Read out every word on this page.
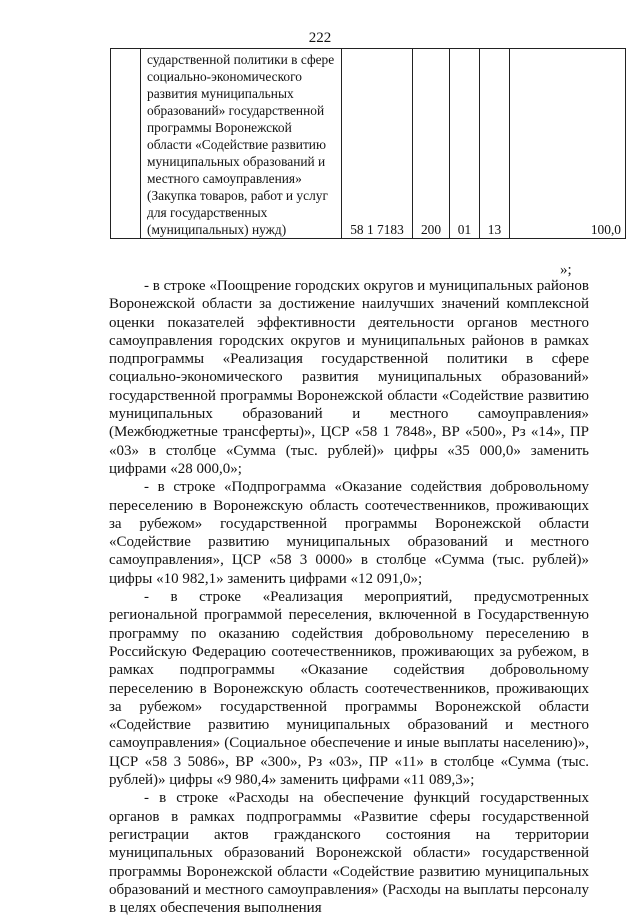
222
	сударственной политики в сфере социально-экономического развития муниципальных образований» государственной программы Воронежской области «Содействие развитию муниципальных образований и местного самоуправления» (Закупка товаров, работ и услуг для государственных (муниципальных) нужд)	58 1 7183	200	01	13	100,0
»;

- в строке «Поощрение городских округов и муниципальных районов Воронежской области за достижение наилучших значений комплексной оценки показателей эффективности деятельности органов местного самоуправления городских округов и муниципальных районов в рамках подпрограммы «Реализация государственной политики в сфере социально-экономического развития муниципальных образований» государственной программы Воронежской области «Содействие развитию муниципальных образований и местного самоуправления» (Межбюджетные трансферты)», ЦСР «58 1 7848», ВР «500», Рз «14», ПР «03» в столбце «Сумма (тыс. рублей)» цифры «35 000,0» заменить цифрами «28 000,0»;

- в строке «Подпрограмма «Оказание содействия добровольному переселению в Воронежскую область соотечественников, проживающих за рубежом» государственной программы Воронежской области «Содействие развитию муниципальных образований и местного самоуправления», ЦСР «58 3 0000» в столбце «Сумма (тыс. рублей)» цифры «10 982,1» заменить цифрами «12 091,0»;

- в строке «Реализация мероприятий, предусмотренных региональной программой переселения, включенной в Государственную программу по оказанию содействия добровольному переселению в Российскую Федерацию соотечественников, проживающих за рубежом, в рамках подпрограммы «Оказание содействия добровольному переселению в Воронежскую область соотечественников, проживающих за рубежом» государственной программы Воронежской области «Содействие развитию муниципальных образований и местного самоуправления» (Социальное обеспечение и иные выплаты населению)», ЦСР «58 3 5086», ВР «300», Рз «03», ПР «11» в столбце «Сумма (тыс. рублей)» цифры «9 980,4» заменить цифрами «11 089,3»;

- в строке «Расходы на обеспечение функций государственных органов в рамках подпрограммы «Развитие сферы государственной регистрации актов гражданского состояния на территории муниципальных образований Воронежской области» государственной программы Воронежской области «Содействие развитию муниципальных образований и местного самоуправления» (Расходы на выплаты персоналу в целях обеспечения выполнения
